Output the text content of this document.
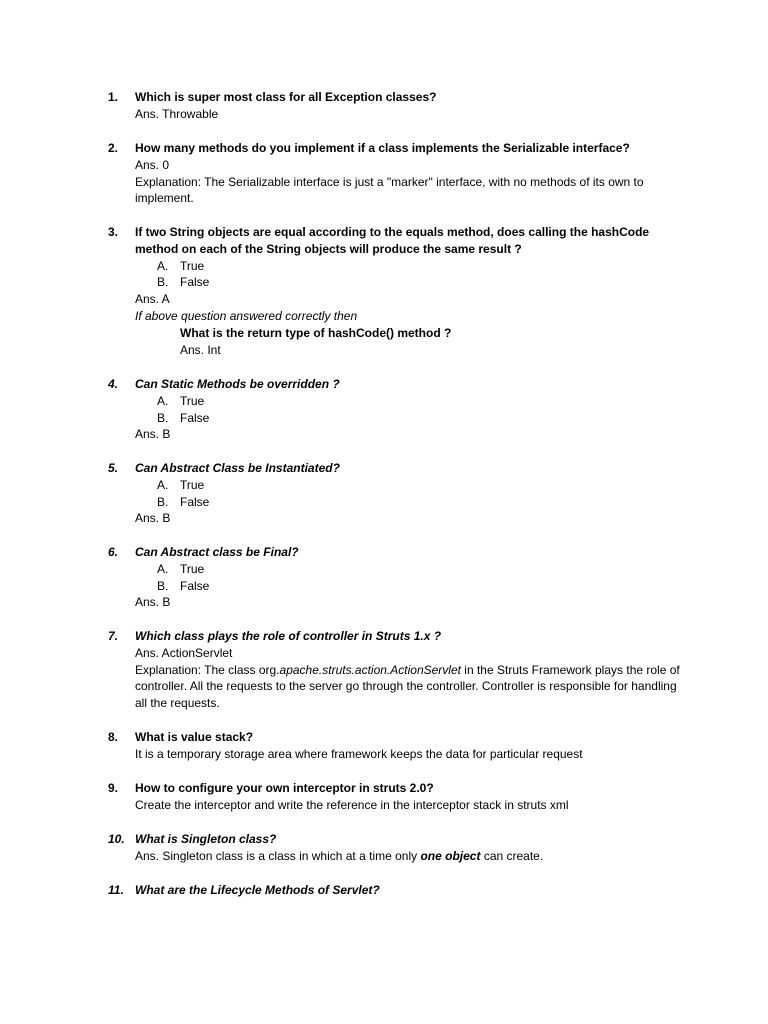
1.	Which is super most class for all Exception classes?
Ans. Throwable
2.	How many methods do you implement if a class implements the Serializable interface?
Ans. 0
Explanation: The Serializable interface is just a "marker" interface, with no methods of its own to implement.
3.	If two String objects are equal according to the equals method, does calling the hashCode method on each of the String objects will produce the same result ?
A. True
B. False
Ans. A
If above question answered correctly then
What is the return type of hashCode() method ?
Ans. Int
4.	Can Static Methods be overridden ?
A. True
B. False
Ans. B
5.	Can Abstract Class be Instantiated?
A. True
B. False
Ans. B
6.	Can Abstract class be Final?
A. True
B. False
Ans. B
7.	Which class plays the role of controller in Struts 1.x ?
Ans. ActionServlet
Explanation: The class org.apache.struts.action.ActionServlet in the Struts Framework plays the role of controller. All the requests to the server go through the controller. Controller is responsible for handling all the requests.
8.	What is value stack?
It is a temporary storage area where framework keeps the data for particular request
9.	How to configure your own interceptor in struts 2.0?
Create the interceptor and write the reference in the interceptor stack in struts xml
10. What is Singleton class?
Ans. Singleton class is a class in which at a time only one object can create.
11. What are the Lifecycle Methods of Servlet?
